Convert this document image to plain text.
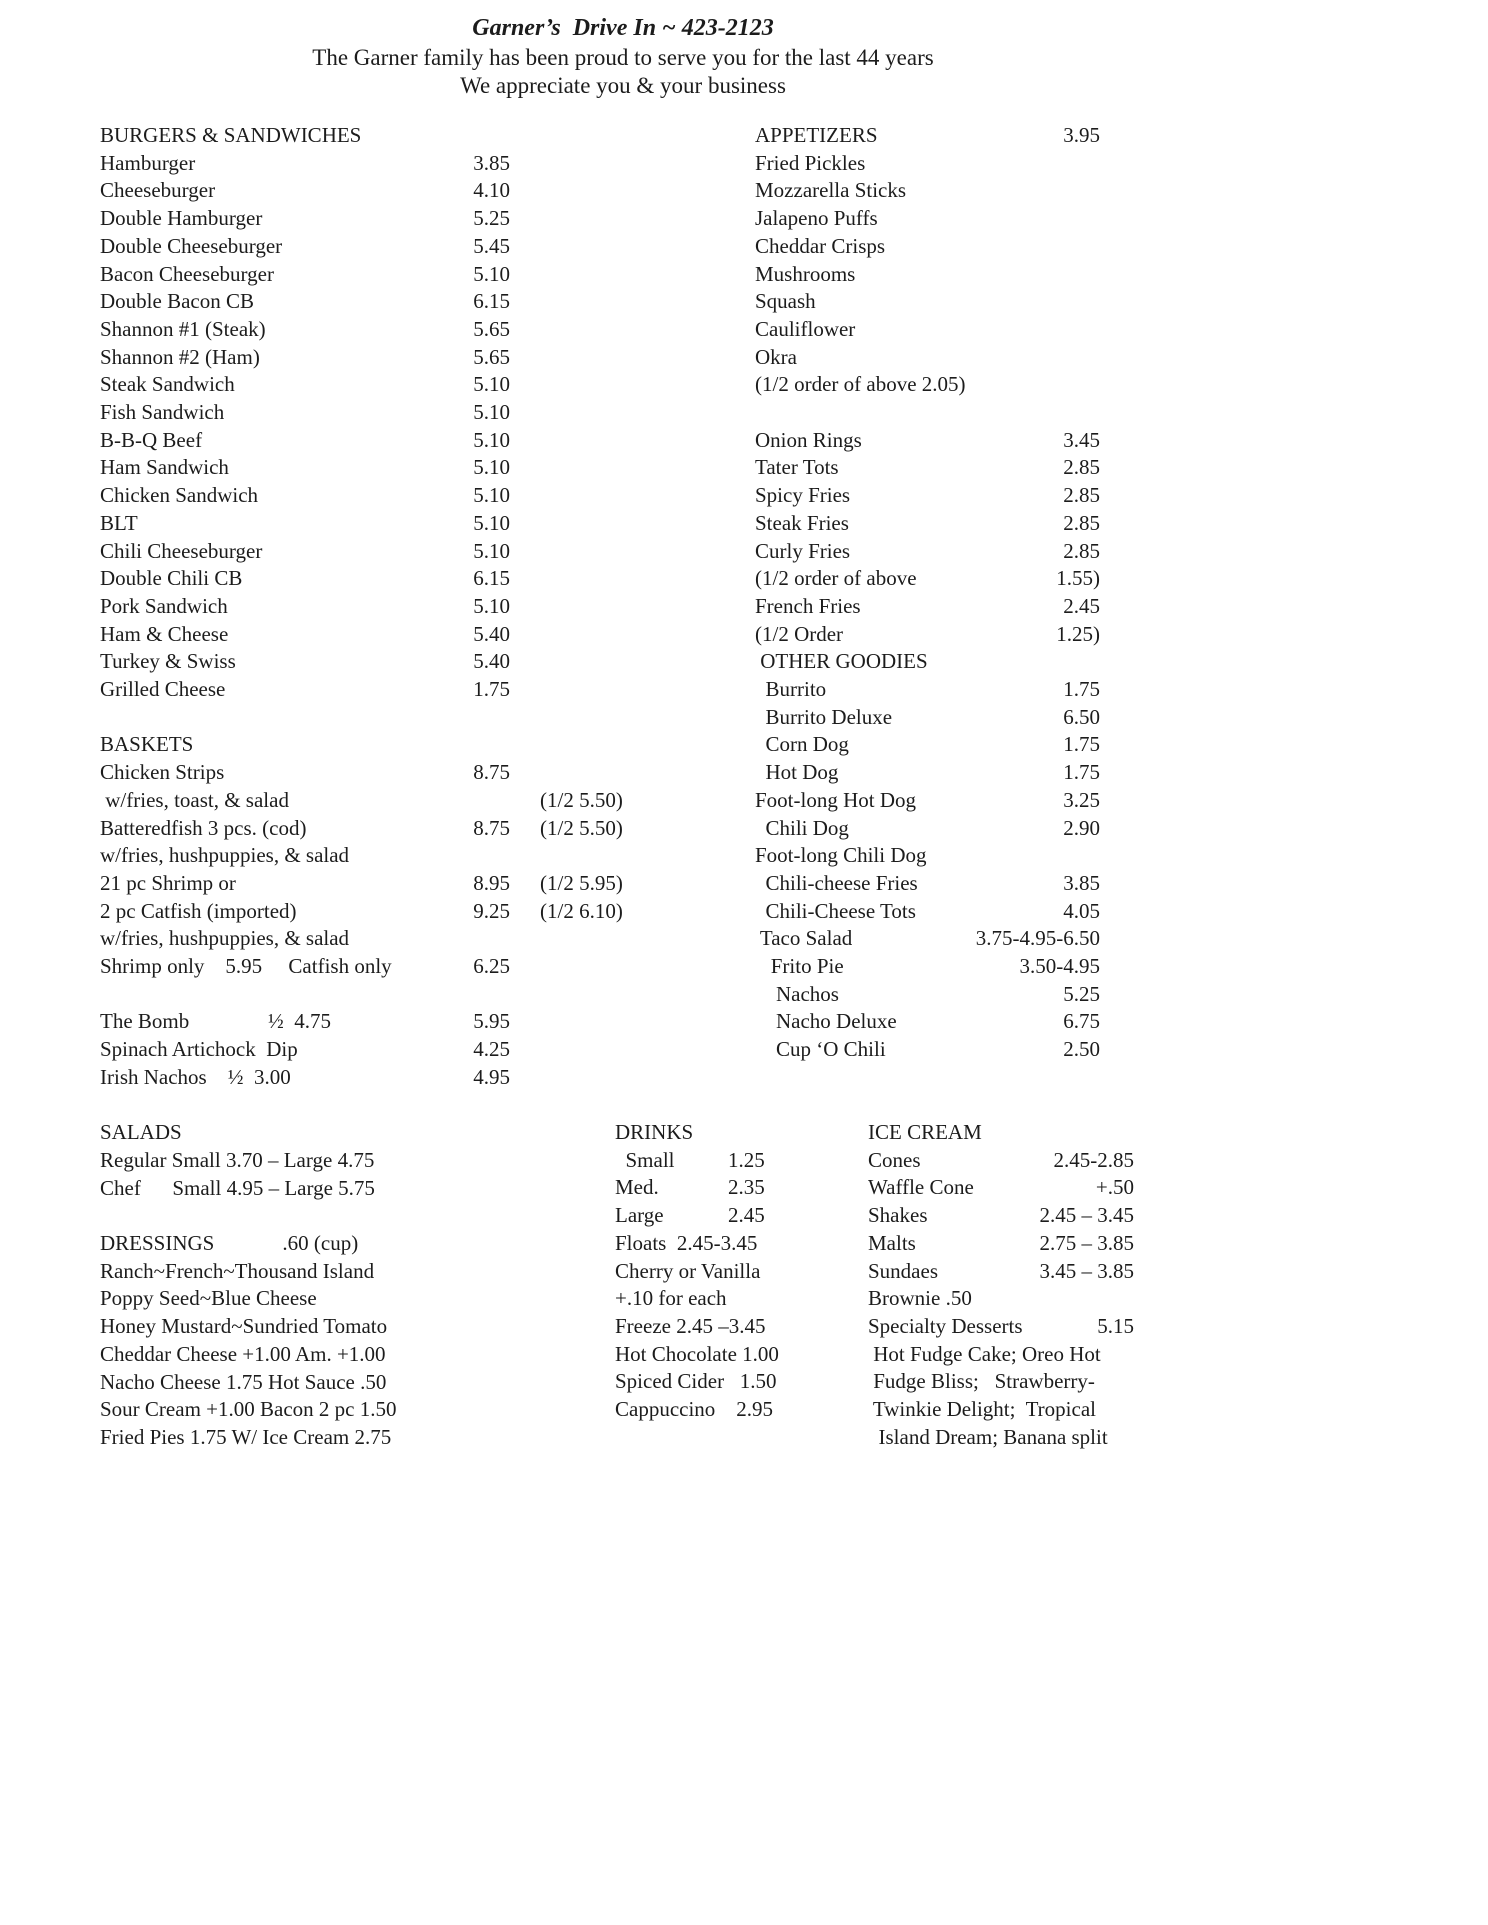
Garner’s  Drive In ~ 423-2123
The Garner family has been proud to serve you for the last 44 years
We appreciate you & your business
BURGERS & SANDWICHES
Hamburger	3.85
Cheeseburger	4.10
Double Hamburger	5.25
Double Cheeseburger	5.45
Bacon Cheeseburger	5.10
Double Bacon CB	6.15
Shannon #1 (Steak)	5.65
Shannon #2 (Ham)	5.65
Steak Sandwich	5.10
Fish Sandwich	5.10
B-B-Q Beef	5.10
Ham Sandwich	5.10
Chicken Sandwich	5.10
BLT	5.10
Chili Cheeseburger	5.10
Double Chili CB	6.15
Pork Sandwich	5.10
Ham & Cheese	5.40
Turkey & Swiss	5.40
Grilled Cheese	1.75
BASKETS
Chicken Strips	8.75
w/fries, toast, & salad	(1/2 5.50)
Batteredfish 3 pcs. (cod)	8.75 (1/2 5.50)
w/fries, hushpuppies, & salad
21 pc Shrimp or	8.95 (1/2 5.95)
2 pc Catfish (imported)	9.25 (1/2 6.10)
w/fries, hushpuppies, & salad
Shrimp only    5.95     Catfish only	6.25
The Bomb               ½  4.75	5.95
Spinach Artichock  Dip	4.25
Irish Nachos    ½  3.00	4.95
SALADS
Regular Small 3.70 – Large 4.75
Chef      Small 4.95 – Large 5.75
DRESSINGS	.60 (cup)
Ranch~French~Thousand Island
Poppy Seed~Blue Cheese
Honey Mustard~Sundried Tomato
Cheddar Cheese +1.00 Am. +1.00
Nacho Cheese 1.75 Hot Sauce .50
Sour Cream +1.00 Bacon 2 pc 1.50
Fried Pies 1.75 W/ Ice Cream 2.75
APPETIZERS	3.95
Fried Pickles
Mozzarella Sticks
Jalapeno Puffs
Cheddar Crisps
Mushrooms
Squash
Cauliflower
Okra
(1/2 order of above 2.05)
Onion Rings	3.45
Tater Tots	2.85
Spicy Fries	2.85
Steak Fries	2.85
Curly Fries	2.85
(1/2 order of above	1.55)
French Fries	2.45
(1/2 Order	1.25)
OTHER GOODIES
Burrito	1.75
Burrito Deluxe	6.50
Corn Dog	1.75
Hot Dog	1.75
Foot-long Hot Dog	3.25
Chili Dog	2.90
Foot-long Chili Dog
Chili-cheese Fries	3.85
Chili-Cheese Tots	4.05
Taco Salad	3.75-4.95-6.50
Frito Pie	3.50-4.95
Nachos	5.25
Nacho Deluxe	6.75
Cup ‘O Chili	2.50
DRINKS
Small	1.25
Med.	2.35
Large	2.45
Floats  2.45-3.45
Cherry or Vanilla
+.10 for each
Freeze 2.45 –3.45
Hot Chocolate 1.00
Spiced Cider   1.50
Cappuccino    2.95
ICE CREAM
Cones	2.45-2.85
Waffle Cone	+.50
Shakes	2.45 – 3.45
Malts	2.75 – 3.85
Sundaes	3.45 – 3.85
Brownie .50
Specialty Desserts	5.15
Hot Fudge Cake; Oreo Hot
Fudge Bliss;   Strawberry-
Twinkie Delight;  Tropical
Island Dream; Banana split
